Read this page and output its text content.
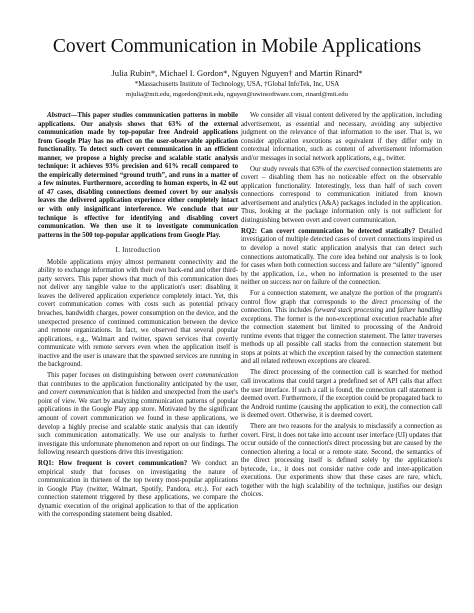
Covert Communication in Mobile Applications
Julia Rubin*, Michael I. Gordon*, Nguyen Nguyen† and Martin Rinard*
*Massachusetts Institute of Technology, USA, †Global InfoTek, Inc, USA
mjulia@mit.edu, mgordon@mit.edu, nguyen@uwinsoftware.com, rinard@mit.edu

Abstract—This paper studies communication patterns in mobile applications. Our analysis shows that 63% of the external communication made by top-popular free Android applications from Google Play has no effect on the user-observable application functionality. To detect such covert communication in an efficient manner, we propose a highly precise and scalable static analysis technique: it achieves 93% precision and 61% recall compared to the empirically determined “ground truth”, and runs in a matter of a few minutes. Furthermore, according to human experts, in 42 out of 47 cases, disabling connections deemed covert by our analysis leaves the delivered application experience either completely intact or with only insignificant interference. We conclude that our technique is effective for identifying and disabling covert communication. We then use it to investigate communication patterns in the 500 top-popular applications from Google Play.

I. Introduction

Mobile applications enjoy almost permanent connectivity and the ability to exchange information with their own back-end and other third-party servers. This paper shows that much of this communication does not deliver any tangible value to the application's user: disabling it leaves the delivered application experience completely intact. Yet, this covert communication comes with costs such as potential privacy breaches, bandwidth charges, power consumption on the device, and the unexpected presence of continued communication between the device and remote organizations. In fact, we observed that several popular applications, e.g., Walmart and twitter, spawn services that covertly communicate with remote servers even when the application itself is inactive and the user is unaware that the spawned services are running in the background.

This paper focuses on distinguishing between overt communication that contributes to the application functionality anticipated by the user, and covert communication that is hidden and unexpected from the user's point of view. We start by analyzing communication patterns of popular applications in the Google Play app store. Motivated by the significant amount of covert communication we found in these applications, we develop a highly precise and scalable static analysis that can identify such communication automatically. We use our analysis to further investigate this unfortunate phenomenon and report on our findings. The following research questions drive this investigation:

RQ1: How frequent is covert communication? We conduct an empirical study that focuses on investigating the nature of communication in thirteen of the top twenty most-popular applications in Google Play (twitter, Walmart, Spotify, Pandora, etc.). For each connection statement triggered by these applications, we compare the dynamic execution of the original application to that of the application with the corresponding statement being disabled.

We consider all visual content delivered by the application, including advertisement, as essential and necessary, avoiding any subjective judgment on the relevance of that information to the user. That is, we consider application executions as equivalent if they differ only in contextual information, such as content of advertisement information and/or messages in social network applications, e.g., twitter.

Our study reveals that 63% of the exercised connection statements are covert – disabling them has no noticeable effect on the observable application functionality. Interestingly, less than half of such covert connections correspond to communication initiated from known advertisement and analytics (A&A) packages included in the application. Thus, looking at the package information only is not sufficient for distinguishing between overt and covert communication.

RQ2: Can covert communication be detected statically? Detailed investigation of multiple detected cases of covert connections inspired us to develop a novel static application analysis that can detect such connections automatically. The core idea behind our analysis is to look for cases when both connection success and failure are “silently” ignored by the application, i.e., when no information is presented to the user neither on success nor on failure of the connection.

For a connection statement, we analyze the portion of the program's control flow graph that corresponds to the direct processing of the connection. This includes forward stack processing and failure handling exceptions. The former is the non-exceptional execution reachable after the connection statement but limited to processing of the Android runtime events that trigger the connection statement. The latter traverses methods up all possible call stacks from the connection statement but stops at points at which the exception raised by the connection statement and all related rethrown exceptions are cleared.

The direct processing of the connection call is searched for method call invocations that could target a predefined set of API calls that affect the user interface. If such a call is found, the connection call statement is deemed overt. Furthermore, if the exception could be propagated back to the Android runtime (causing the application to exit), the connection call is deemed overt. Otherwise, it is deemed covert.

There are two reasons for the analysis to misclassify a connection as covert. First, it does not take into account user interface (UI) updates that occur outside of the connection's direct processing but are caused by the connection altering a local or a remote state. Second, the semantics of the direct processing itself is defined solely by the application's bytecode, i.e., it does not consider native code and inter-application executions. Our experiments show that these cases are rare, which, together with the high scalability of the technique, justifies our design choices.
